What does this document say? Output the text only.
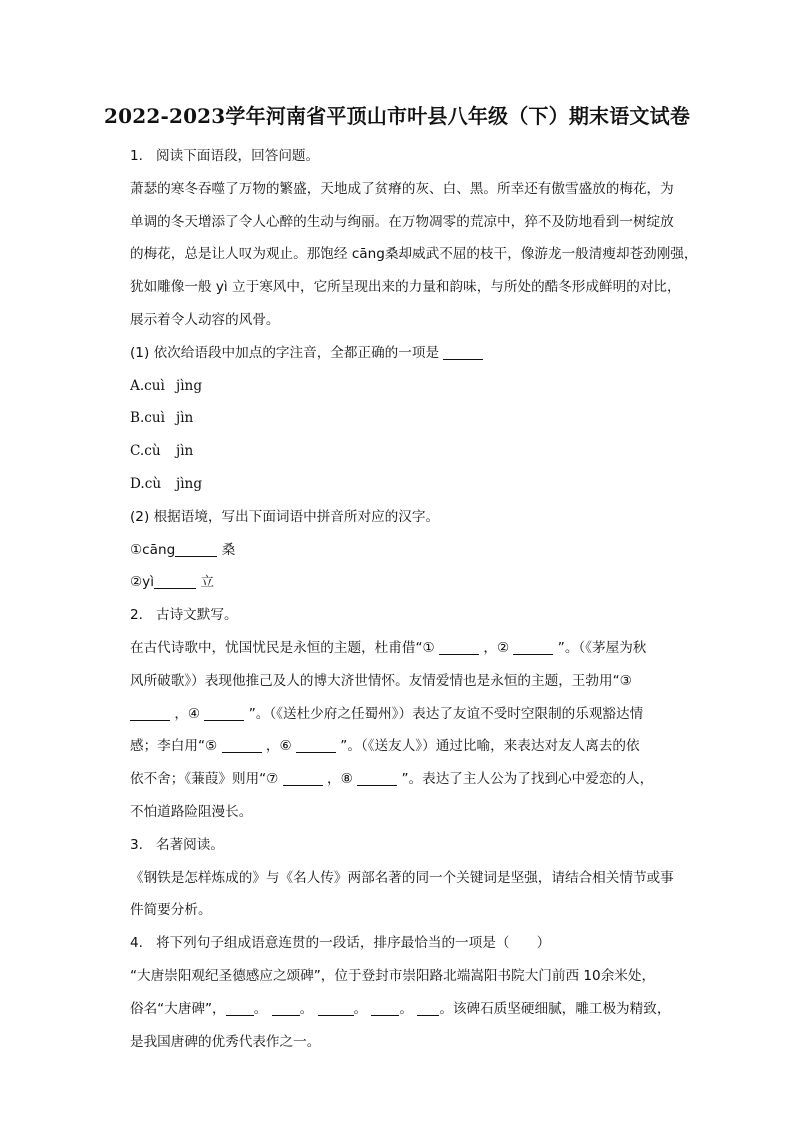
2022-2023学年河南省平顶山市叶县八年级（下）期末语文试卷

1. 阅读下面语段，回答问题。

萧瑟的寒冬吞噬了万物的繁盛，天地成了贫瘠的灰、白、黑。所幸还有傲雪盛放的梅花，为

单调的冬天增添了令人心醉的生动与绚丽。在万物凋零的荒凉中，猝不及防地看到一树绽放

的梅花，总是让人叹为观止。那饱经 cāng桑却威武不屈的枝干，像游龙一般清瘦却苍劲刚强，

犹如雕像一般 yì 立于寒风中，它所呈现出来的力量和韵味，与所处的酷冬形成鲜明的对比，

展示着令人动容的风骨。

(1) 依次给语段中加点的字注音，全都正确的一项是

A.cuì jìng

B.cuì jìn

C.cù jìn

D.cù jìng

(2) 根据语境，写出下面词语中拼音所对应的汉字。

①cāng	桑

②yì	立

2. 古诗文默写。

在古代诗歌中，忧国忧民是永恒的主题，杜甫借“①	，②	”。（《茅屋为秋

风所破歌》）表现他推己及人的博大济世情怀。友情爱情也是永恒的主题，王勃用“③

，④	”。（《送杜少府之任蜀州》）表达了友谊不受时空限制的乐观豁达情

感；李白用“⑤	，⑥	”。（《送友人》）通过比喻，来表达对友人离去的依

依不舍；《蒹葭》则用“⑦	，⑧	”。表达了主人公为了找到心中爱恋的人，

不怕道路险阻漫长。

3. 名著阅读。

《钢铁是怎样炼成的》与《名人传》两部名著的同一个关键词是坚强，请结合相关情节或事

件简要分析。

4. 将下列句子组成语意连贯的一段话，排序最恰当的一项是（　　）

“大唐崇阳观纪圣德感应之颂碑”，位于登封市崇阳路北端嵩阳书院大门前西 10余米处，

俗名“大唐碑”， 。 。	。 。 。该碑石质坚硬细腻，雕工极为精致，

是我国唐碑的优秀代表作之一。
